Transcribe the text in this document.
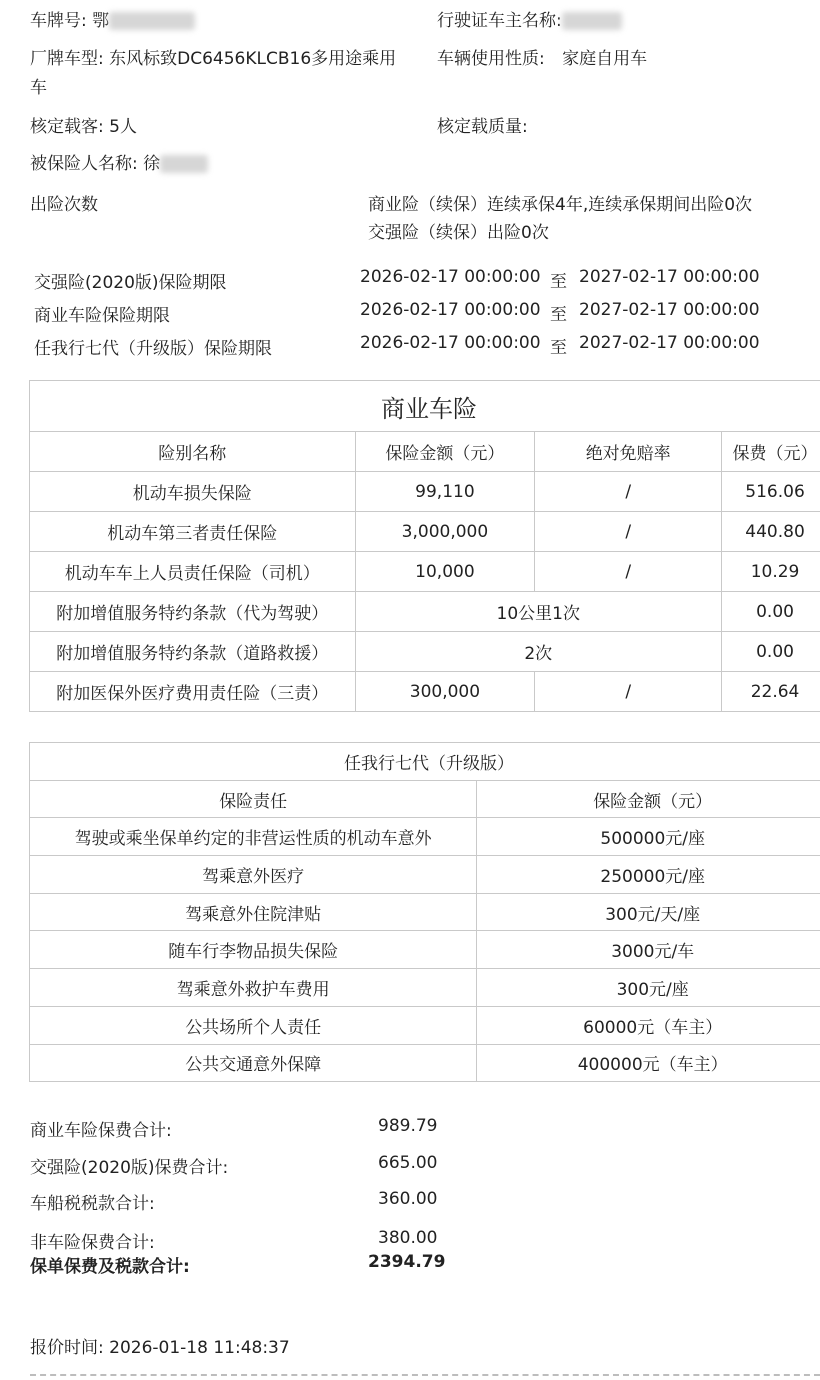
车牌号: 鄂	行驶证车主名称:
厂牌车型: 东风标致DC6456KLCB16多用途乘用
车
车辆使用性质: 家庭自用车
核定载客: 5人	核定载质量:
被保险人名称: 徐
出险次数	商业险（续保）连续承保4年,连续承保期间出险0次
交强险（续保）出险0次
交强险(2020版)保险期限	2026-02-17 00:00:00 至 2027-02-17 00:00:00
商业车险保险期限	2026-02-17 00:00:00 至 2027-02-17 00:00:00
任我行七代（升级版）保险期限	2026-02-17 00:00:00 至 2027-02-17 00:00:00
商业车险			
险别名称	保险金额（元）	绝对免赔率	保费（元）
机动车损失保险	99,110	/	516.06
机动车第三者责任保险	3,000,000	/	440.80
机动车车上人员责任保险（司机）	10,000	/	10.29
附加增值服务特约条款（代为驾驶）	10公里1次		0.00
附加增值服务特约条款（道路救援）	2次		0.00
附加医保外医疗费用责任险（三责）	300,000	/	22.64
任我行七代（升级版）	
保险责任	保险金额（元）
驾驶或乘坐保单约定的非营运性质的机动车意外	500000元/座
驾乘意外医疗	250000元/座
驾乘意外住院津贴	300元/天/座
随车行李物品损失保险	3000元/车
驾乘意外救护车费用	300元/座
公共场所个人责任	60000元（车主）
公共交通意外保障	400000元（车主）
商业车险保费合计:	989.79
交强险(2020版)保费合计:	665.00
车船税税款合计:	360.00
非车险保费合计:	380.00
保单保费及税款合计:	2394.79
报价时间: 2026-01-18 11:48:37
